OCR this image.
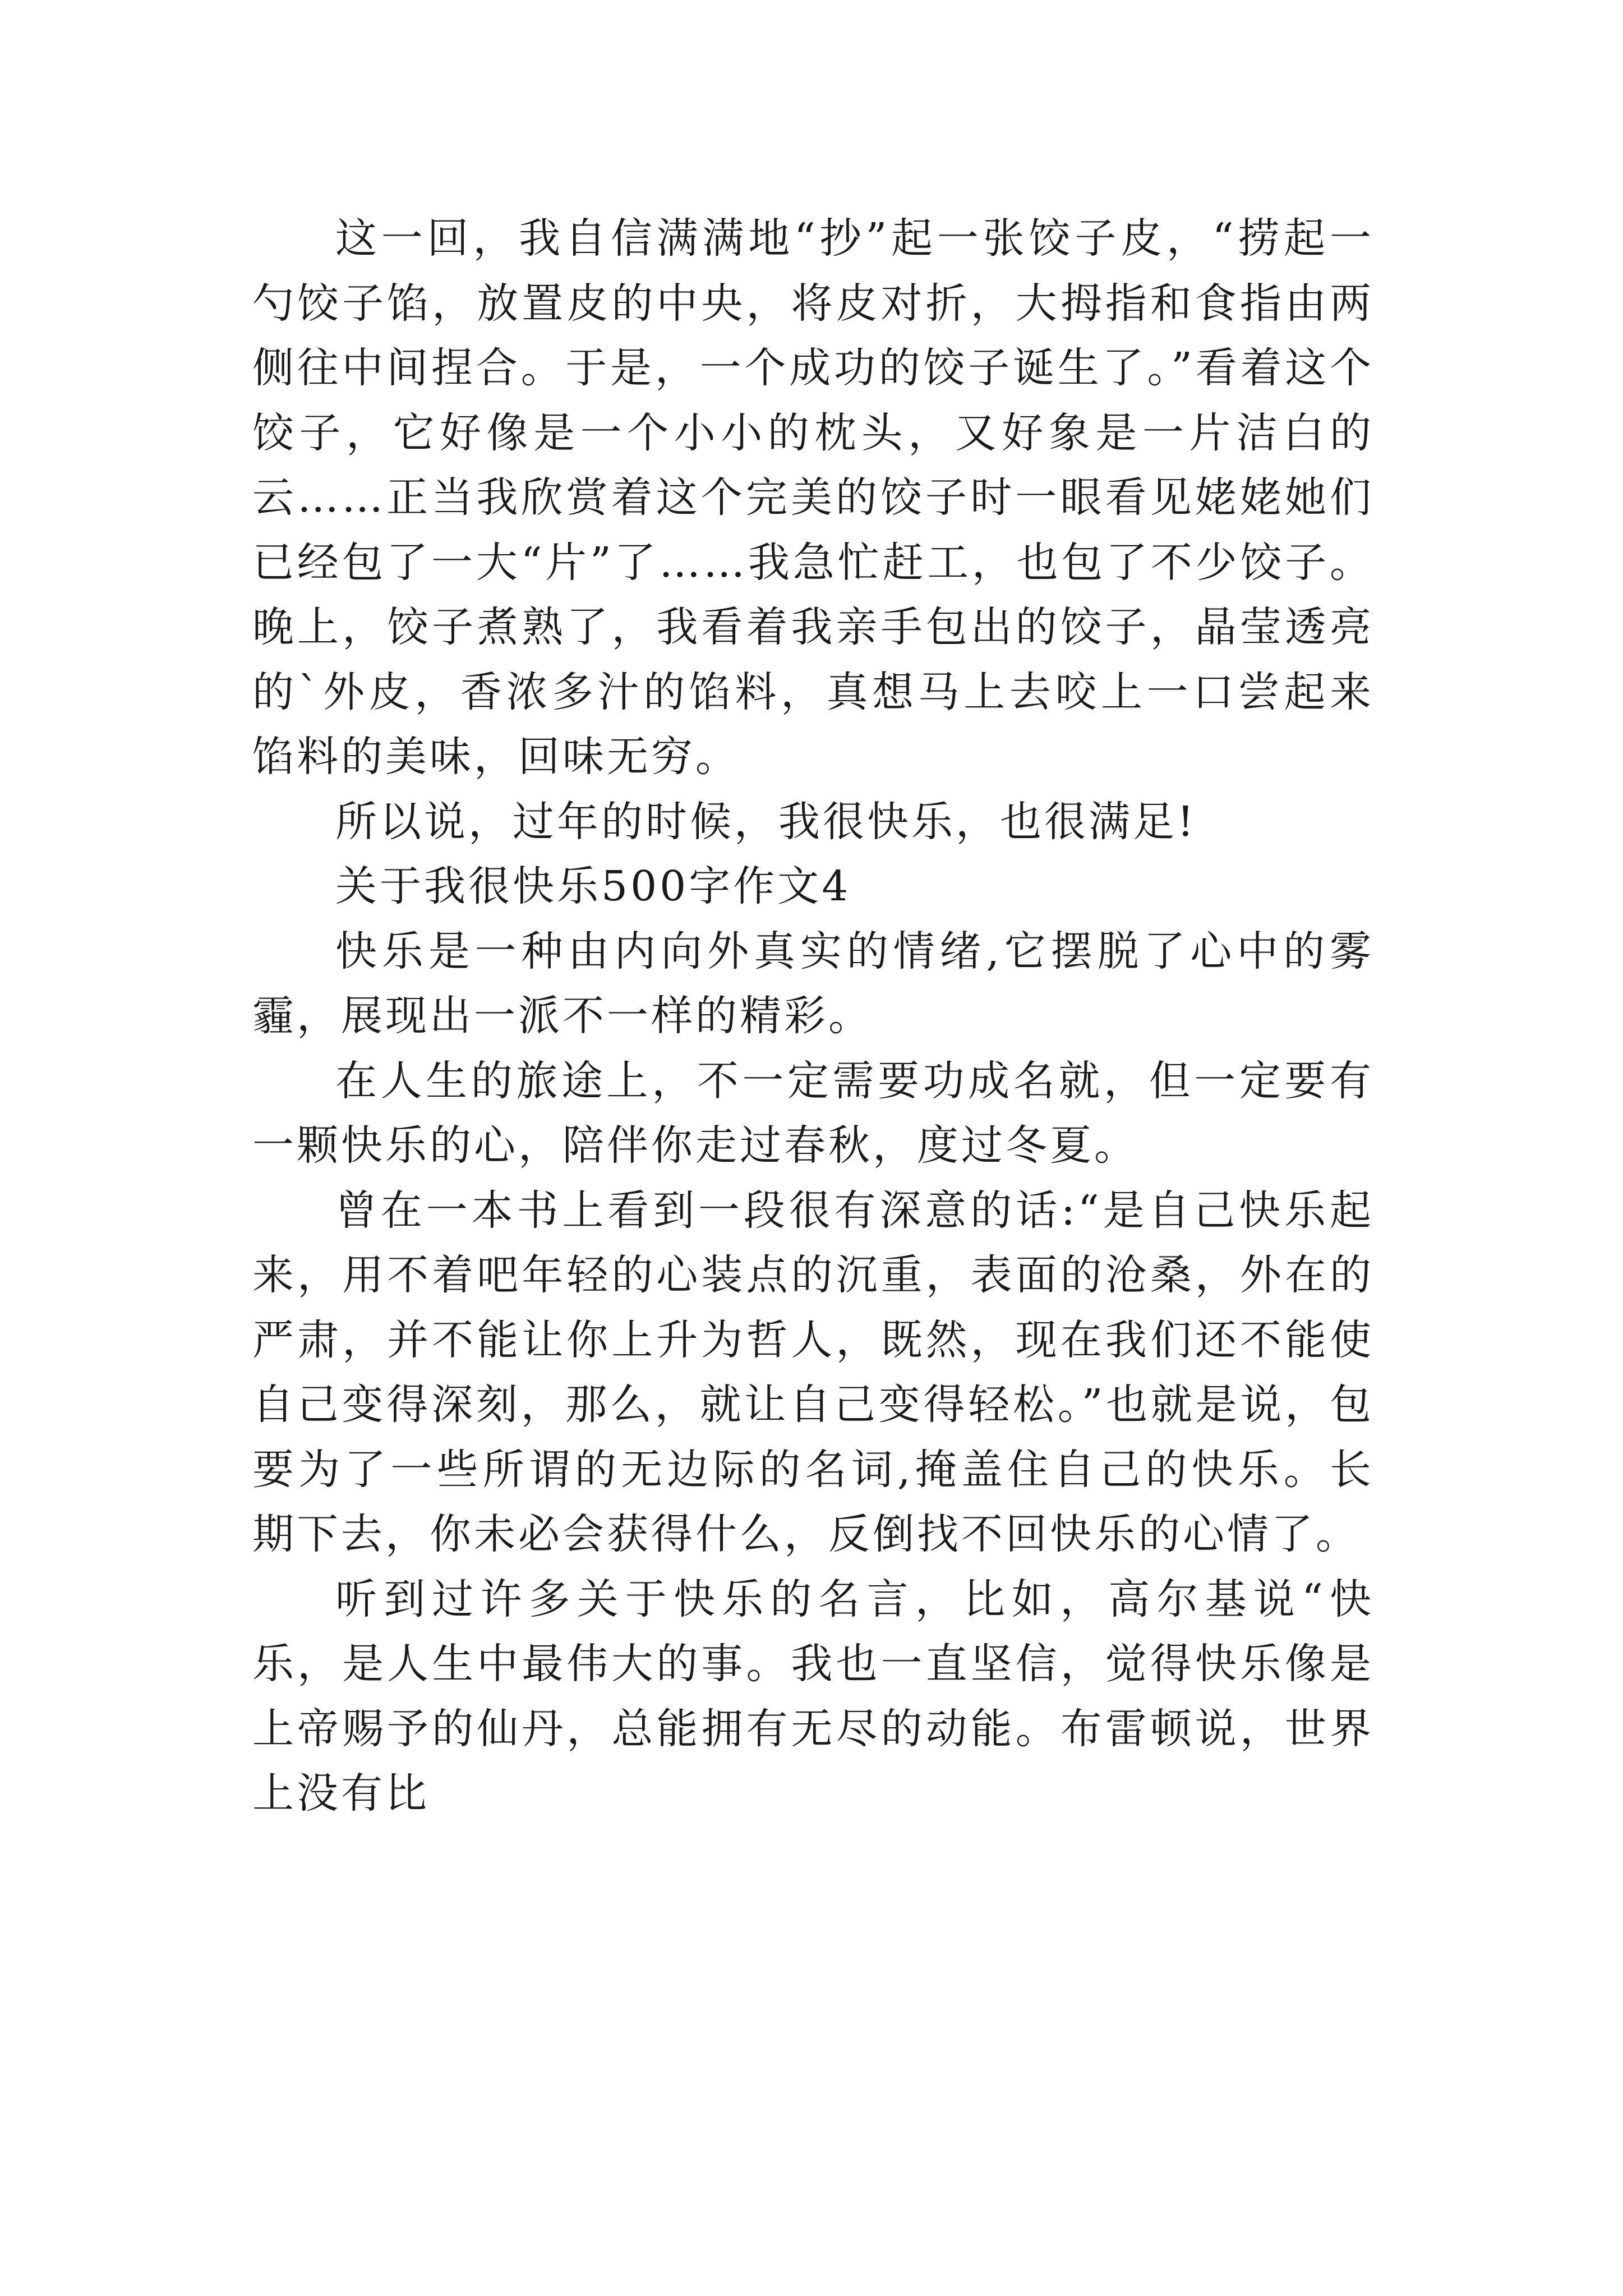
这一回，我自信满满地“抄”起一张饺子皮，“捞起一勺饺子馅，放置皮的中央，将皮对折，大拇指和食指由两侧往中间捏合。于是，一个成功的饺子诞生了。”看着这个饺子，它好像是一个小小的枕头，又好象是一片洁白的云……正当我欣赏着这个完美的饺子时一眼看见姥姥她们已经包了一大“片”了……我急忙赶工，也包了不少饺子。晚上，饺子煮熟了，我看着我亲手包出的饺子，晶莹透亮的`外皮，香浓多汁的馅料，真想马上去咬上一口尝起来馅料的美味，回味无穷。

所以说，过年的时候，我很快乐，也很满足!

关于我很快乐500字作文4

快乐是一种由内向外真实的情绪,它摆脱了心中的雾霾，展现出一派不一样的精彩。

在人生的旅途上，不一定需要功成名就，但一定要有一颗快乐的心，陪伴你走过春秋，度过冬夏。

曾在一本书上看到一段很有深意的话:“是自己快乐起来，用不着吧年轻的心装点的沉重，表面的沧桑，外在的严肃，并不能让你上升为哲人，既然，现在我们还不能使自己变得深刻，那么，就让自己变得轻松。”也就是说，包要为了一些所谓的无边际的名词,掩盖住自己的快乐。长期下去，你未必会获得什么，反倒找不回快乐的心情了。

听到过许多关于快乐的名言，比如，高尔基说“快乐，是人生中最伟大的事。我也一直坚信，觉得快乐像是上帝赐予的仙丹，总能拥有无尽的动能。布雷顿说，世界上没有比
